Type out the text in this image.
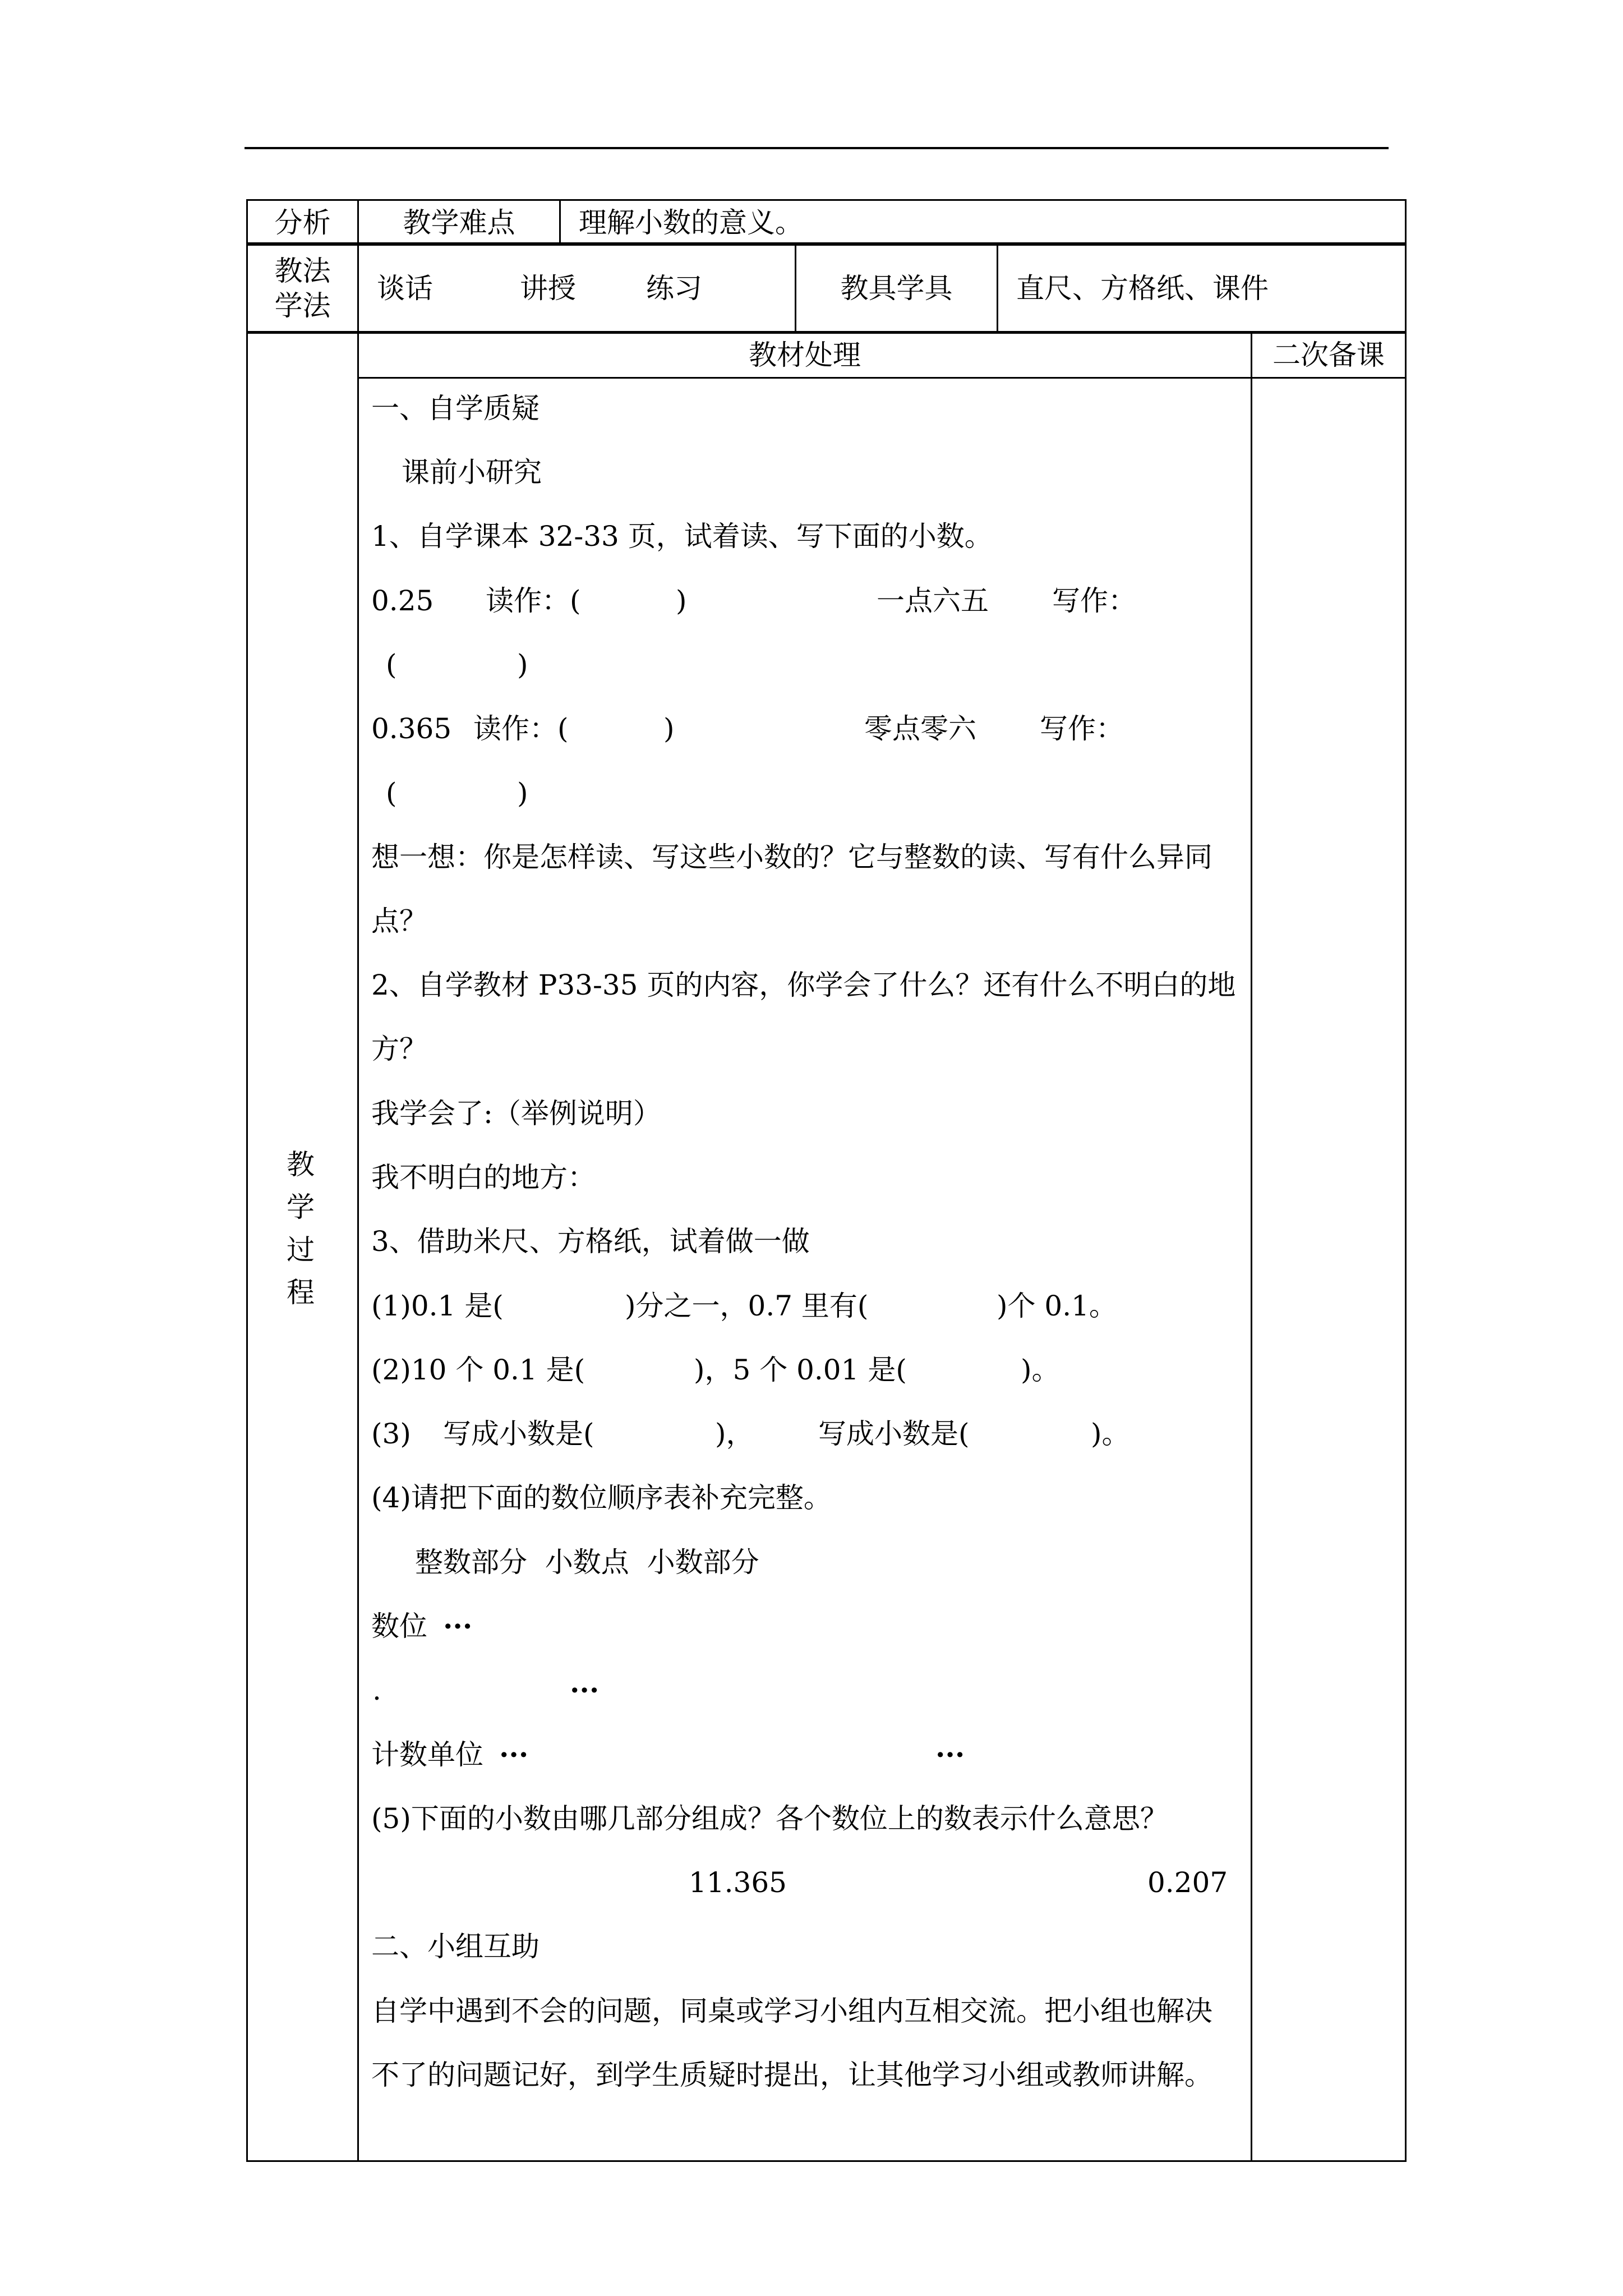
分析	教学难点	理解小数的意义。
教法
学法
	谈话	讲授	练习	教具学具	直尺、方格纸、课件
	教材处理	二次备课

教
学
过
程
一、自学质疑
课前小研究
1、自学课本 32-33 页，试着读、写下面的小数。
0.25 读作：(	)	一点六五 写作：
(	)
0.365 读作：(	)	零点零六 写作：
(	)
想一想：你是怎样读、写这些小数的？它与整数的读、写有什么异同
点？
2、自学教材 P33-35 页的内容，你学会了什么？还有什么不明白的地
方？
我学会了:（举例说明）
我不明白的地方：
3、借助米尺、方格纸，试着做一做
(1)0.1 是(	)分之一，0.7 里有(	)个 0.1。
(2)10 个 0.1 是(	)，5 个 0.01 是(	)。
(3) 写成小数是(	)， 写成小数是(	)。
(4)请把下面的数位顺序表补充完整。
整数部分  小数点  小数部分
数位 ···
.	···
计数单位 ···	···
(5)下面的小数由哪几部分组成？各个数位上的数表示什么意思？
11.365	0.207
二、小组互助
自学中遇到不会的问题，同桌或学习小组内互相交流。把小组也解决
不了的问题记好，到学生质疑时提出，让其他学习小组或教师讲解。
